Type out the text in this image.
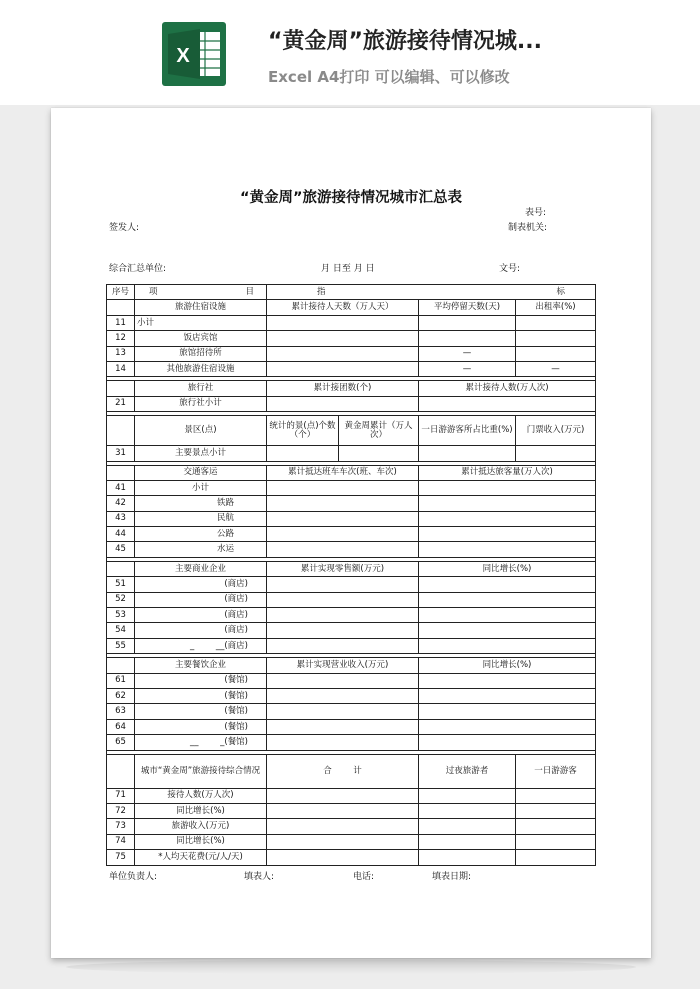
X
“黄金周”旅游接待情况城...
Excel A4打印 可以编辑、可以修改
“黄金周”旅游接待情况城市汇总表
表号:
签发人:	制表机关:
综合汇总单位:	月 日至 月 日	文号:
序号	项 目	指 标			

	旅游住宿设施	累计接待人天数（万人天）		平均停留天数(天)	出租率(%)
11	小计				
12	饭店宾馆				
13	旅馆招待所			—	
14	其他旅游住宿设施			—	—

	旅行社	累计接团数(个)		累计接待人数(万人次)	
21	旅行社小计				

	景区(点)	统计的景(点)个数（个）	黄金周累计（万人次）	一日游游客所占比重(%)	门票收入(万元)
31	主要景点小计				

	交通客运	累计抵达班车车次(班、车次)		累计抵达旅客量(万人次)	
41	小计				
42	铁路				
43	民航				
44	公路				
45	水运				

	主要商业企业	累计实现零售额(万元)		同比增长(%)	
51	(商店)				
52	(商店)				
53	(商店)				
54	(商店)				
55	_        __(商店)				

	主要餐饮企业	累计实现营业收入(万元)		同比增长(%)	
61	(餐馆)				
62	(餐馆)				
63	(餐馆)				
64	(餐馆)				
65	__        _(餐馆)				

	城市“黄金周”旅游接待综合情况	合        计		过夜旅游者	一日游游客
71	接待人数(万人次)				
72	同比增长(%)				
73	旅游收入(万元)				
74	同比增长(%)				
75	*人均天花费(元/人/天)				
单位负责人:	填表人:	电话:	填表日期:
